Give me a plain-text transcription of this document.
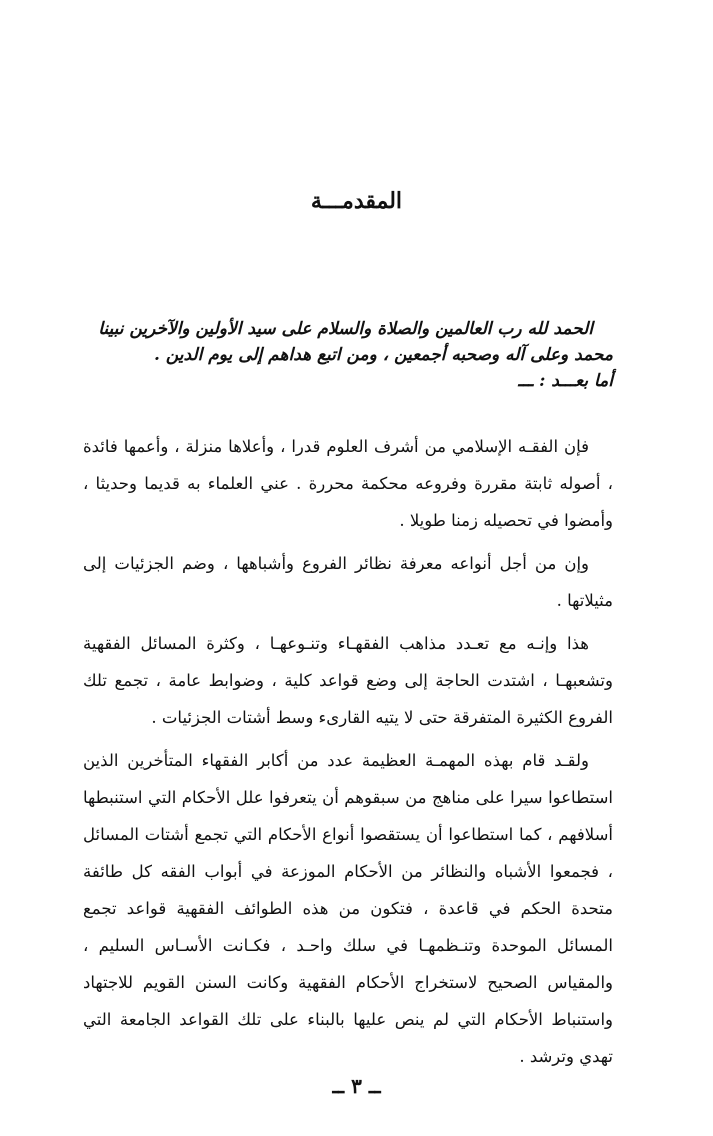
المقدمـــة
الحمد لله رب العالمين والصلاة والسلام على سيد الأولين والآخرين نبينا
محمد وعلى آله وصحبه أجمعين ، ومن اتبع هداهم إلى يوم الدين .
أما بعـــد : ـــ

فإن الفقـه الإسلامي من أشرف العلوم قدرا ، وأعلاها منزلة ، وأعمها فائدة ، أصوله ثابتة مقررة وفروعه محكمة محررة . عني العلماء به قديما وحديثا ، وأمضوا في تحصيله زمنا طويلا .

وإن من أجل أنواعه معرفة نظائر الفروع وأشباهها ، وضم الجزئيات إلى مثيلاتها .

هذا وإنـه مع تعـدد مذاهب الفقهـاء وتنـوعهـا ، وكثرة المسائل الفقهية وتشعبهـا ، اشتدت الحاجة إلى وضع قواعد كلية ، وضوابط عامة ، تجمع تلك الفروع الكثيرة المتفرقة حتى لا يتيه القارىء وسط أشتات الجزئيات .

ولقـد قام بهذه المهمـة العظيمة عدد من أكابر الفقهاء المتأخرين الذين استطاعوا سيرا على مناهج من سبقوهم أن يتعرفوا علل الأحكام التي استنبطها أسلافهم ، كما استطاعوا أن يستقصوا أنواع الأحكام التي تجمع أشتات المسائل ، فجمعوا الأشباه والنظائر من الأحكام الموزعة في أبواب الفقه كل طائفة متحدة الحكم في قاعدة ، فتكون من هذه الطوائف الفقهية قواعد تجمع المسائل الموحدة وتنـظمهـا في سلك واحـد ، فكـانت الأسـاس السليم ، والمقياس الصحيح لاستخراج الأحكام الفقهية وكانت السنن القويم للاجتهاد واستنباط الأحكام التي لم ينص عليها بالبناء على تلك القواعد الجامعة التي تهدي وترشد .

ــ ٣ ــ
